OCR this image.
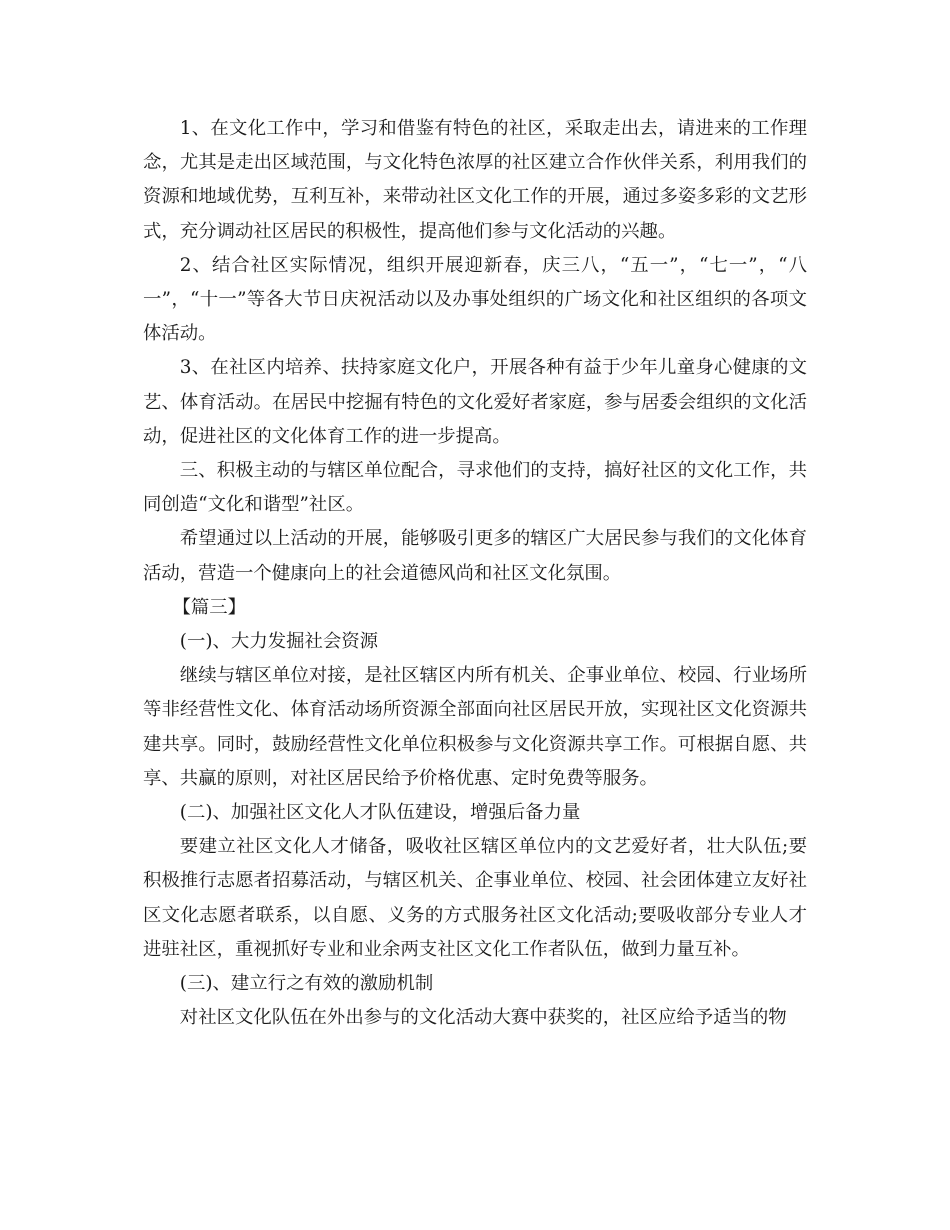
1、在文化工作中，学习和借鉴有特色的社区，采取走出去，请进来的工作理念，尤其是走出区域范围，与文化特色浓厚的社区建立合作伙伴关系，利用我们的资源和地域优势，互利互补，来带动社区文化工作的开展，通过多姿多彩的文艺形式，充分调动社区居民的积极性，提高他们参与文化活动的兴趣。

2、结合社区实际情况，组织开展迎新春，庆三八，“五一”，“七一”，“八一”，“十一”等各大节日庆祝活动以及办事处组织的广场文化和社区组织的各项文体活动。

3、在社区内培养、扶持家庭文化户，开展各种有益于少年儿童身心健康的文艺、体育活动。在居民中挖掘有特色的文化爱好者家庭，参与居委会组织的文化活动，促进社区的文化体育工作的进一步提高。

三、积极主动的与辖区单位配合，寻求他们的支持，搞好社区的文化工作，共同创造“文化和谐型”社区。

希望通过以上活动的开展，能够吸引更多的辖区广大居民参与我们的文化体育活动，营造一个健康向上的社会道德风尚和社区文化氛围。

【篇三】

(一)、大力发掘社会资源

继续与辖区单位对接，是社区辖区内所有机关、企事业单位、校园、行业场所等非经营性文化、体育活动场所资源全部面向社区居民开放，实现社区文化资源共建共享。同时，鼓励经营性文化单位积极参与文化资源共享工作。可根据自愿、共享、共赢的原则，对社区居民给予价格优惠、定时免费等服务。

(二)、加强社区文化人才队伍建设，增强后备力量

要建立社区文化人才储备，吸收社区辖区单位内的文艺爱好者，壮大队伍;要积极推行志愿者招募活动，与辖区机关、企事业单位、校园、社会团体建立友好社区文化志愿者联系，以自愿、义务的方式服务社区文化活动;要吸收部分专业人才进驻社区，重视抓好专业和业余两支社区文化工作者队伍，做到力量互补。

(三)、建立行之有效的激励机制

对社区文化队伍在外出参与的文化活动大赛中获奖的，社区应给予适当的物
